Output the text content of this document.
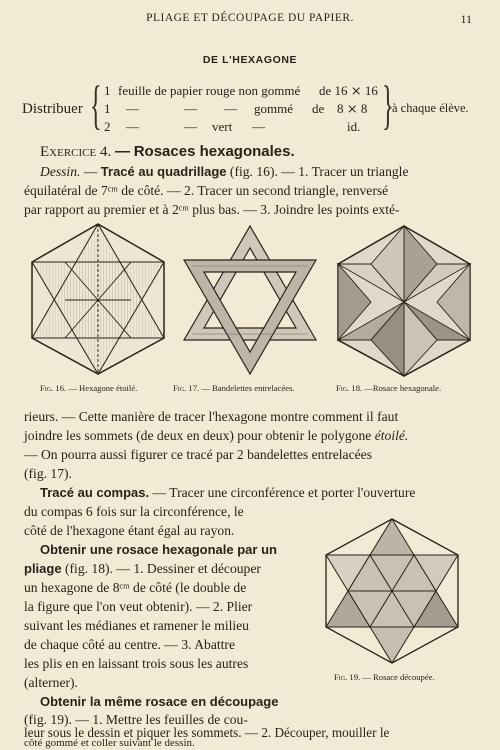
PLIAGE ET DÉCOUPAGE DU PAPIER.	11
DE L'HEXAGONE
Distribuer {	}
1 feuille de papier rouge non gommé de 16 ⨯ 16
1 —	— — gommé de 8 ⨯ 8
2 —	— vert —	id.
à chaque élève.
Exercice 4. — Rosaces hexagonales.
Dessin. — Tracé au quadrillage (fig. 16). — 1. Tracer un triangle
équilatéral de 7ᶜᵐ de côté. — 2. Tracer un second triangle, renversé
par rapport au premier et à 2ᶜᵐ plus bas. — 3. Joindre les points exté-
Fig. 16. — Hexagone étoilé.	Fig. 17. — Bandelettes entrelacées.	Fig. 18. —Rosace hexagonale.
rieurs. — Cette manière de tracer l'hexagone montre comment il faut
joindre les sommets (de deux en deux) pour obtenir le polygone étoilé.
— On pourra aussi figurer ce tracé par 2 bandelettes entrelacées
(fig. 17).
Tracé au compas. — Tracer une circonférence et porter l'ouverture
du compas 6 fois sur la circonférence, le
côté de l'hexagone étant égal au rayon.
Obtenir une rosace hexagonale par un
pliage (fig. 18). — 1. Dessiner et découper
un hexagone de 8ᶜᵐ de côté (le double de
la figure que l'on veut obtenir). — 2. Plier
suivant les médianes et ramener le milieu
de chaque côté au centre. — 3. Abattre
les plis en en laissant trois sous les autres
(alterner).	Fig. 19. — Rosace découpée.
Obtenir la même rosace en découpage
(fig. 19). — 1. Mettre les feuilles de cou-
leur sous le dessin et piquer les sommets. — 2. Découper, mouiller le
côté gommé et coller suivant le dessin.
